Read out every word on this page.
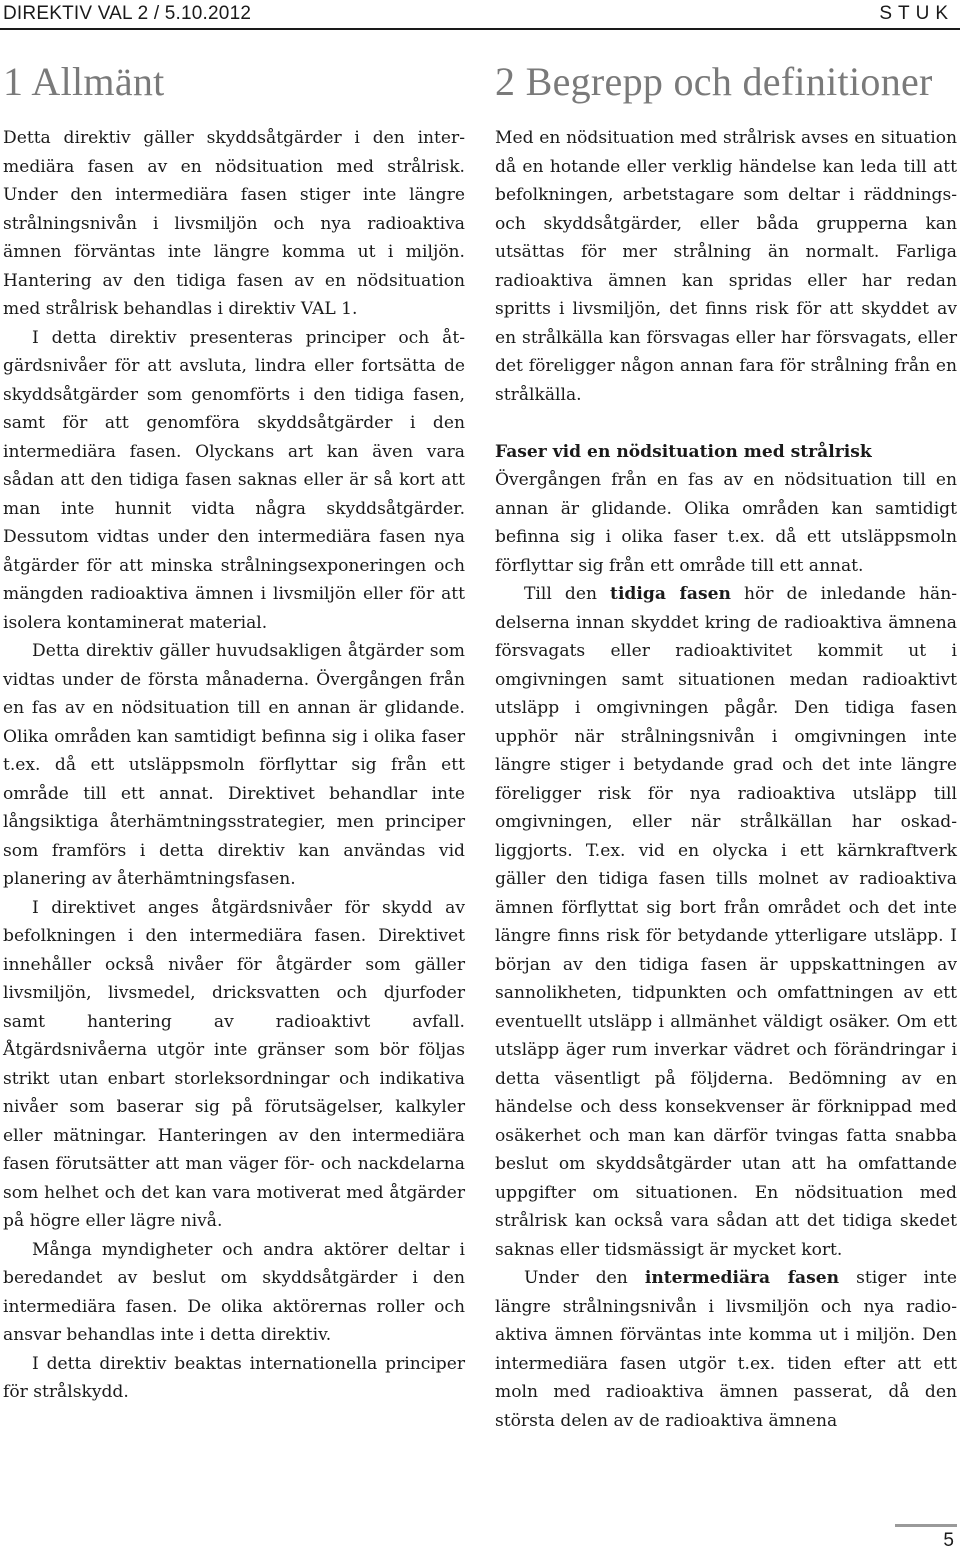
DIREKTIV VAL 2 / 5.10.2012	STUK
1 Allmänt

Detta direktiv gäller skyddsåtgärder i den intermediära fasen av en nödsituation med strålrisk. Under den intermediära fasen stiger inte längre strålningsnivån i livsmiljön och nya radioaktiva ämnen förväntas inte längre komma ut i miljön. Hantering av den tidiga fasen av en nödsituation med strålrisk behandlas i direktiv VAL 1.

I detta direktiv presenteras principer och åtgärdsnivåer för att avsluta, lindra eller fortsätta de skyddsåtgärder som genomförts i den tidiga fasen, samt för att genomföra skyddsåtgärder i den intermediära fasen. Olyckans art kan även vara sådan att den tidiga fasen saknas eller är så kort att man inte hunnit vidta några skyddsåtgärder. Dessutom vidtas under den intermediära fasen nya åtgärder för att minska strålningsexponeringen och mängden radioaktiva ämnen i livsmiljön eller för att isolera kontaminerat material.

Detta direktiv gäller huvudsakligen åtgärder som vidtas under de första månaderna. Övergången från en fas av en nödsituation till en annan är glidande. Olika områden kan samtidigt befinna sig i olika faser t.ex. då ett utsläppsmoln förflyttar sig från ett område till ett annat. Direktivet behandlar inte långsiktiga återhämtningsstrategier, men principer som framförs i detta direktiv kan användas vid planering av återhämtningsfasen.

I direktivet anges åtgärdsnivåer för skydd av befolkningen i den intermediära fasen. Direktivet innehåller också nivåer för åtgärder som gäller livsmiljön, livsmedel, dricksvatten och djurfoder samt hantering av radioaktivt avfall. Åtgärdsnivåerna utgör inte gränser som bör följas strikt utan enbart storleksordningar och indikativa nivåer som baserar sig på förutsägelser, kalkyler eller mätningar. Hanteringen av den intermediära fasen förutsätter att man väger för- och nackdelarna som helhet och det kan vara motiverat med åtgärder på högre eller lägre nivå.

Många myndigheter och andra aktörer deltar i beredandet av beslut om skyddsåtgärder i den intermediära fasen. De olika aktörernas roller och ansvar behandlas inte i detta direktiv.

I detta direktiv beaktas internationella principer för strålskydd.

2 Begrepp och definitioner

Med en nödsituation med strålrisk avses en situation då en hotande eller verklig händelse kan leda till att befolkningen, arbetstagare som deltar i räddnings- och skyddsåtgärder, eller båda grupperna kan utsättas för mer strålning än normalt. Farliga radioaktiva ämnen kan spridas eller har redan spritts i livsmiljön, det finns risk för att skyddet av en strålkälla kan försvagas eller har försvagats, eller det föreligger någon annan fara för strålning från en strålkälla.

Faser vid en nödsituation med strålrisk

Övergången från en fas av en nödsituation till en annan är glidande. Olika områden kan samtidigt befinna sig i olika faser t.ex. då ett utsläppsmoln förflyttar sig från ett område till ett annat.

Till den tidiga fasen hör de inledande händelserna innan skyddet kring de radioaktiva ämnena försvagats eller radioaktivitet kommit ut i omgivningen samt situationen medan radioaktivt utsläpp i omgivningen pågår. Den tidiga fasen upphör när strålningsnivån i omgivningen inte längre stiger i betydande grad och det inte längre föreligger risk för nya radioaktiva utsläpp till omgivningen, eller när strålkällan har oskadliggjorts. T.ex. vid en olycka i ett kärnkraftverk gäller den tidiga fasen tills molnet av radioaktiva ämnen förflyttat sig bort från området och det inte längre finns risk för betydande ytterligare utsläpp. I början av den tidiga fasen är uppskattningen av sannolikheten, tidpunkten och omfattningen av ett eventuellt utsläpp i allmänhet väldigt osäker. Om ett utsläpp äger rum inverkar vädret och förändringar i detta väsentligt på följderna. Bedömning av en händelse och dess konsekvenser är förknippad med osäkerhet och man kan därför tvingas fatta snabba beslut om skyddsåtgärder utan att ha omfattande uppgifter om situationen. En nödsituation med strålrisk kan också vara sådan att det tidiga skedet saknas eller tidsmässigt är mycket kort.

Under den intermediära fasen stiger inte längre strålningsnivån i livsmiljön och nya radioaktiva ämnen förväntas inte komma ut i miljön. Den intermediära fasen utgör t.ex. tiden efter att ett moln med radioaktiva ämnen passerat, då den största delen av de radioaktiva ämnena

5
